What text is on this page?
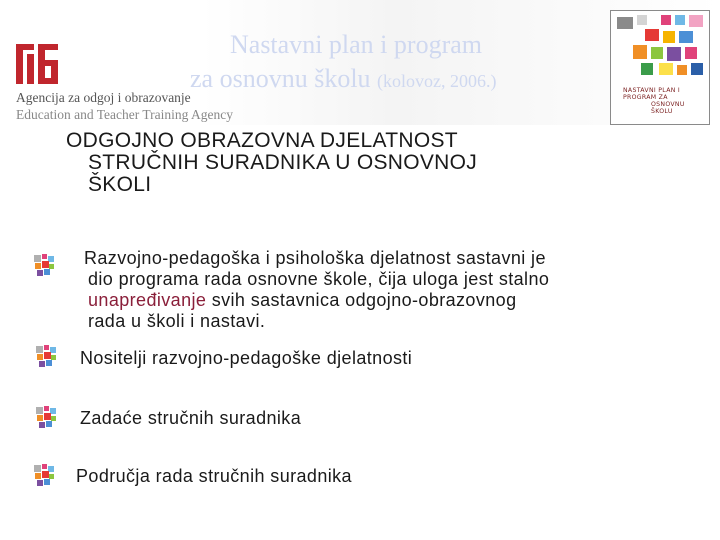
Agencija za odgoj i obrazovanje
Education and Teacher Training Agency
Nastavni plan i program
za osnovnu školu (kolovoz, 2006.)	NASTAVNI PLAN I
PROGRAM ZA
OSNOVNU
ŠKOLU
ODGOJNO OBRAZOVNA DJELATNOST
STRUČNIH SURADNIKA U OSNOVNOJ
ŠKOLI
Razvojno-pedagoška i psihološka djelatnost sastavni je
dio programa rada osnovne škole, čija uloga jest stalno
unapređivanje svih sastavnica odgojno-obrazovnog
rada u školi i nastavi.
Nositelji razvojno-pedagoške djelatnosti
Zadaće stručnih suradnika
Područja rada stručnih suradnika
